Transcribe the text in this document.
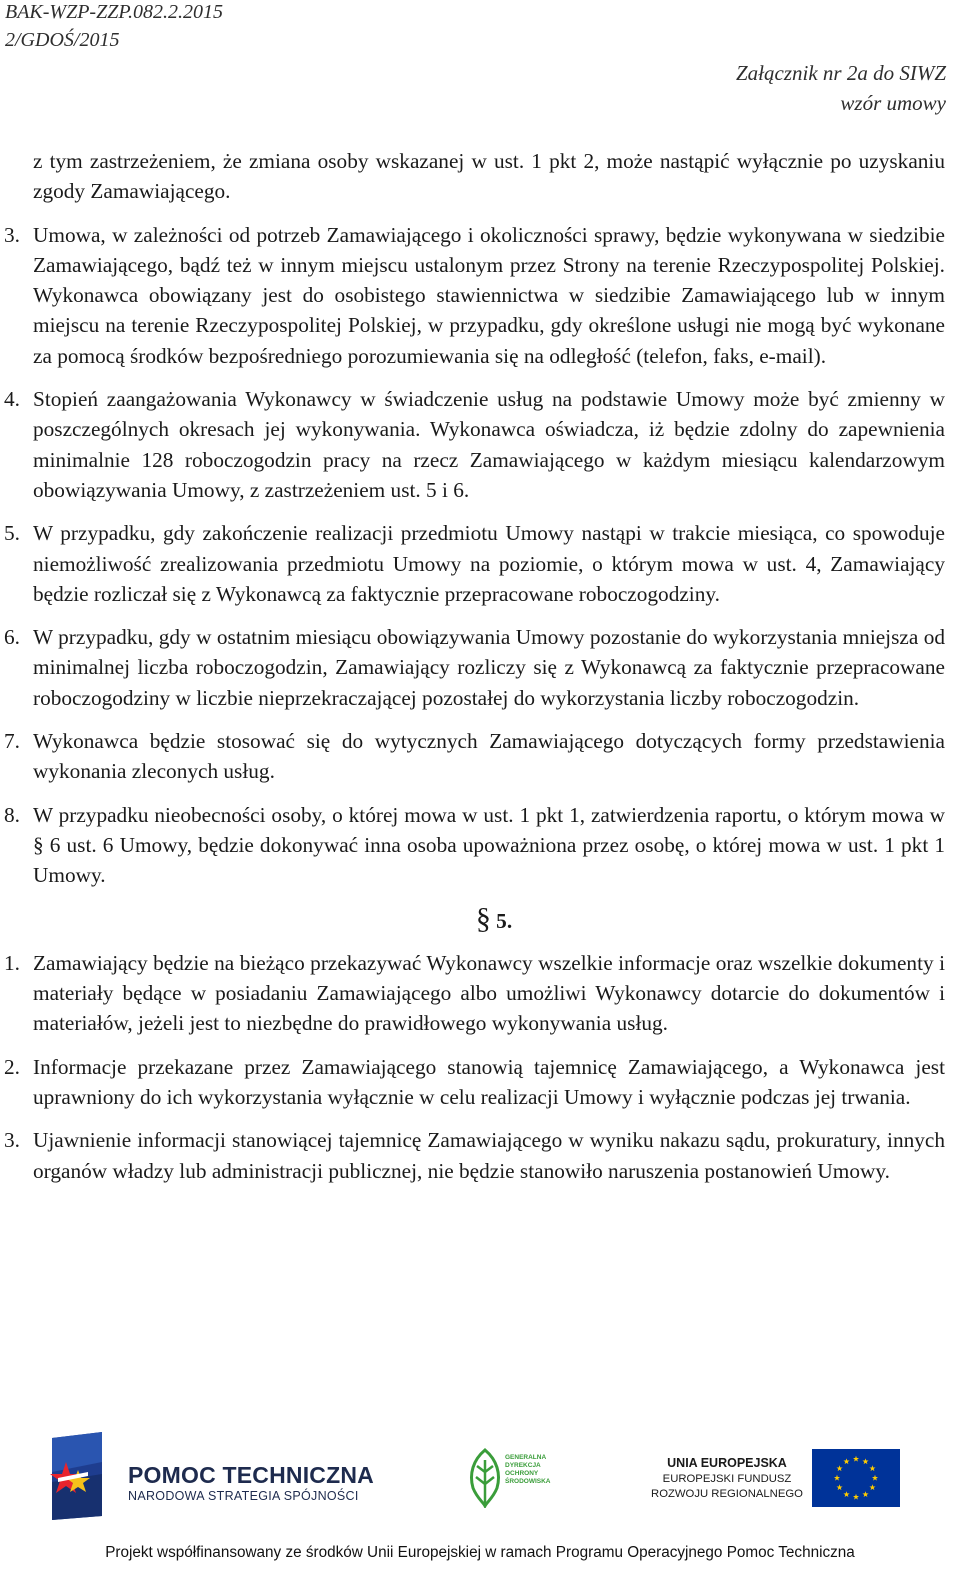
BAK-WZP-ZZP.082.2.2015
2/GDOŚ/2015
Załącznik nr 2a do SIWZ
wzór umowy

z tym zastrzeżeniem, że zmiana osoby wskazanej w ust. 1 pkt 2, może nastąpić wyłącznie po uzyskaniu zgody Zamawiającego.

3. Umowa, w zależności od potrzeb Zamawiającego i okoliczności sprawy, będzie wykonywana w siedzibie Zamawiającego, bądź też w innym miejscu ustalonym przez Strony na terenie Rzeczypospolitej Polskiej. Wykonawca obowiązany jest do osobistego stawiennictwa w siedzibie Zamawiającego lub w innym miejscu na terenie Rzeczypospolitej Polskiej, w przypadku, gdy określone usługi nie mogą być wykonane za pomocą środków bezpośredniego porozumiewania się na odległość (telefon, faks, e-mail).
4. Stopień zaangażowania Wykonawcy w świadczenie usług na podstawie Umowy może być zmienny w poszczególnych okresach jej wykonywania. Wykonawca oświadcza, iż będzie zdolny do zapewnienia minimalnie 128 roboczogodzin pracy na rzecz Zamawiającego w każdym miesiącu kalendarzowym obowiązywania Umowy, z zastrzeżeniem ust. 5 i 6.
5. W przypadku, gdy zakończenie realizacji przedmiotu Umowy nastąpi w trakcie miesiąca, co spowoduje niemożliwość zrealizowania przedmiotu Umowy na poziomie, o którym mowa w ust. 4, Zamawiający będzie rozliczał się z Wykonawcą za faktycznie przepracowane roboczogodziny.
6. W przypadku, gdy w ostatnim miesiącu obowiązywania Umowy pozostanie do wykorzystania mniejsza od minimalnej liczba roboczogodzin, Zamawiający rozliczy się z Wykonawcą za faktycznie przepracowane roboczogodziny w liczbie nieprzekraczającej pozostałej do wykorzystania liczby roboczogodzin.
7. Wykonawca będzie stosować się do wytycznych Zamawiającego dotyczących formy przedstawienia wykonania zleconych usług.
8. W przypadku nieobecności osoby, o której mowa w ust. 1 pkt 1, zatwierdzenia raportu, o którym mowa w § 6 ust. 6 Umowy, będzie dokonywać inna osoba upoważniona przez osobę, o której mowa w ust. 1 pkt 1 Umowy.
§ 5.
1. Zamawiający będzie na bieżąco przekazywać Wykonawcy wszelkie informacje oraz wszelkie dokumenty i materiały będące w posiadaniu Zamawiającego albo umożliwi Wykonawcy dotarcie do dokumentów i materiałów, jeżeli jest to niezbędne do prawidłowego wykonywania usług.
2. Informacje przekazane przez Zamawiającego stanowią tajemnicę Zamawiającego, a Wykonawca jest uprawniony do ich wykorzystania wyłącznie w celu realizacji Umowy i wyłącznie podczas jej trwania.
3. Ujawnienie informacji stanowiącej tajemnicę Zamawiającego w wyniku nakazu sądu, prokuratury, innych organów władzy lub administracji publicznej, nie będzie stanowiło naruszenia postanowień Umowy.
POMOC TECHNICZNA
NARODOWA STRATEGIA SPÓJNOŚCI
GENERALNA
DYREKCJA
OCHRONY
ŚRODOWISKA
UNIA EUROPEJSKA
EUROPEJSKI FUNDUSZ
ROZWOJU REGIONALNEGO
Projekt współfinansowany ze środków Unii Europejskiej w ramach Programu Operacyjnego Pomoc Techniczna
